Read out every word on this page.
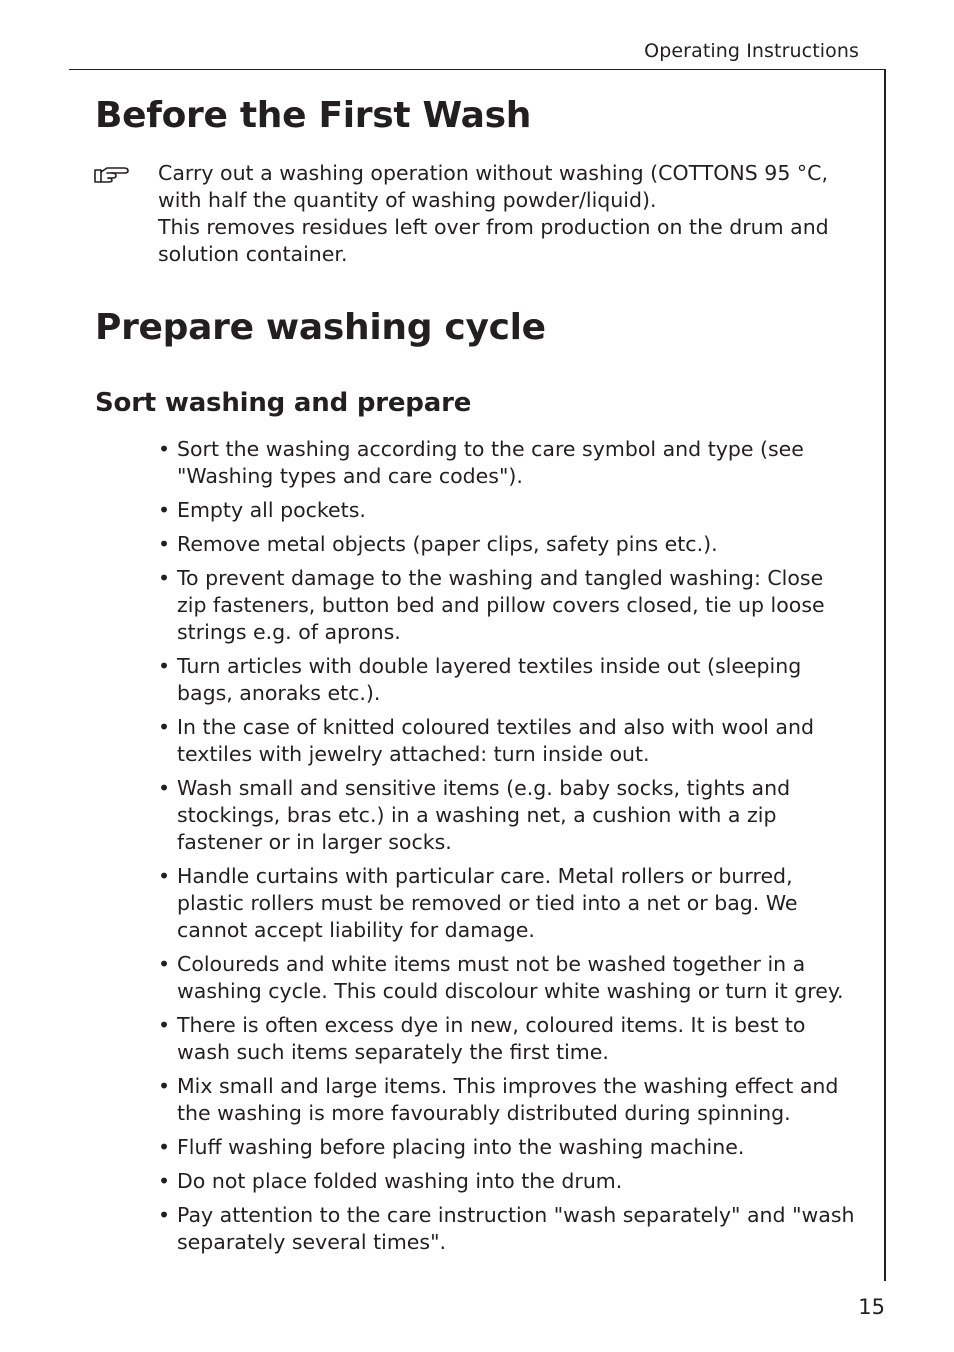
Operating Instructions
Before the First Wash
Carry out a washing operation without washing (COTTONS 95 °C, with half the quantity of washing powder/liquid).
This removes residues left over from production on the drum and solution container.
Prepare washing cycle
Sort washing and prepare
• Sort the washing according to the care symbol and type (see "Washing types and care codes").
• Empty all pockets.
• Remove metal objects (paper clips, safety pins etc.).
• To prevent damage to the washing and tangled washing: Close zip fasteners, button bed and pillow covers closed, tie up loose strings e.g. of aprons.
• Turn articles with double layered textiles inside out (sleeping bags, anoraks etc.).
• In the case of knitted coloured textiles and also with wool and textiles with jewelry attached: turn inside out.
• Wash small and sensitive items (e.g. baby socks, tights and stockings, bras etc.) in a washing net, a cushion with a zip fastener or in larger socks.
• Handle curtains with particular care. Metal rollers or burred, plastic rollers must be removed or tied into a net or bag. We cannot accept liability for damage.
• Coloureds and white items must not be washed together in a washing cycle. This could discolour white washing or turn it grey.
• There is often excess dye in new, coloured items. It is best to wash such items separately the first time.
• Mix small and large items. This improves the washing effect and the washing is more favourably distributed during spinning.
• Fluff washing before placing into the washing machine.
• Do not place folded washing into the drum.
• Pay attention to the care instruction "wash separately" and "wash separately several times".
15
